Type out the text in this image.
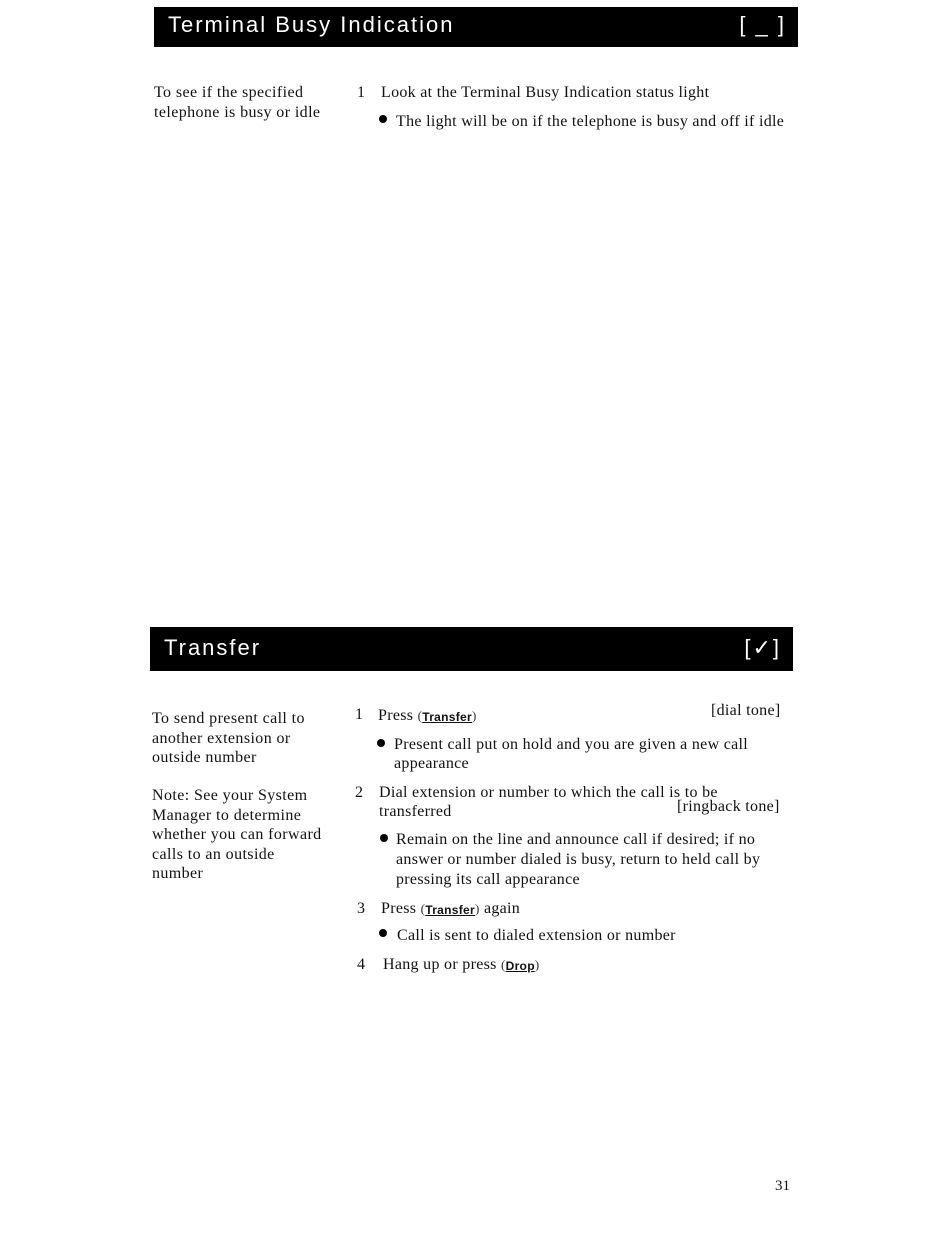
Terminal Busy Indication	[ _ ]
To see if the specified telephone is busy or idle
1 Look at the Terminal Busy Indication status light
The light will be on if the telephone is busy and off if idle
Transfer	[✓]
To send present call to another extension or outside number
Note: See your System Manager to determine whether you can forward calls to an outside number
1 Press (Transfer)	[dial tone]
Present call put on hold and you are given a new call appearance
2 Dial extension or number to which the call is to be transferred	[ringback tone]
Remain on the line and announce call if desired; if no answer or number dialed is busy, return to held call by pressing its call appearance
3 Press (Transfer) again
Call is sent to dialed extension or number
4 Hang up or press (Drop)
31
